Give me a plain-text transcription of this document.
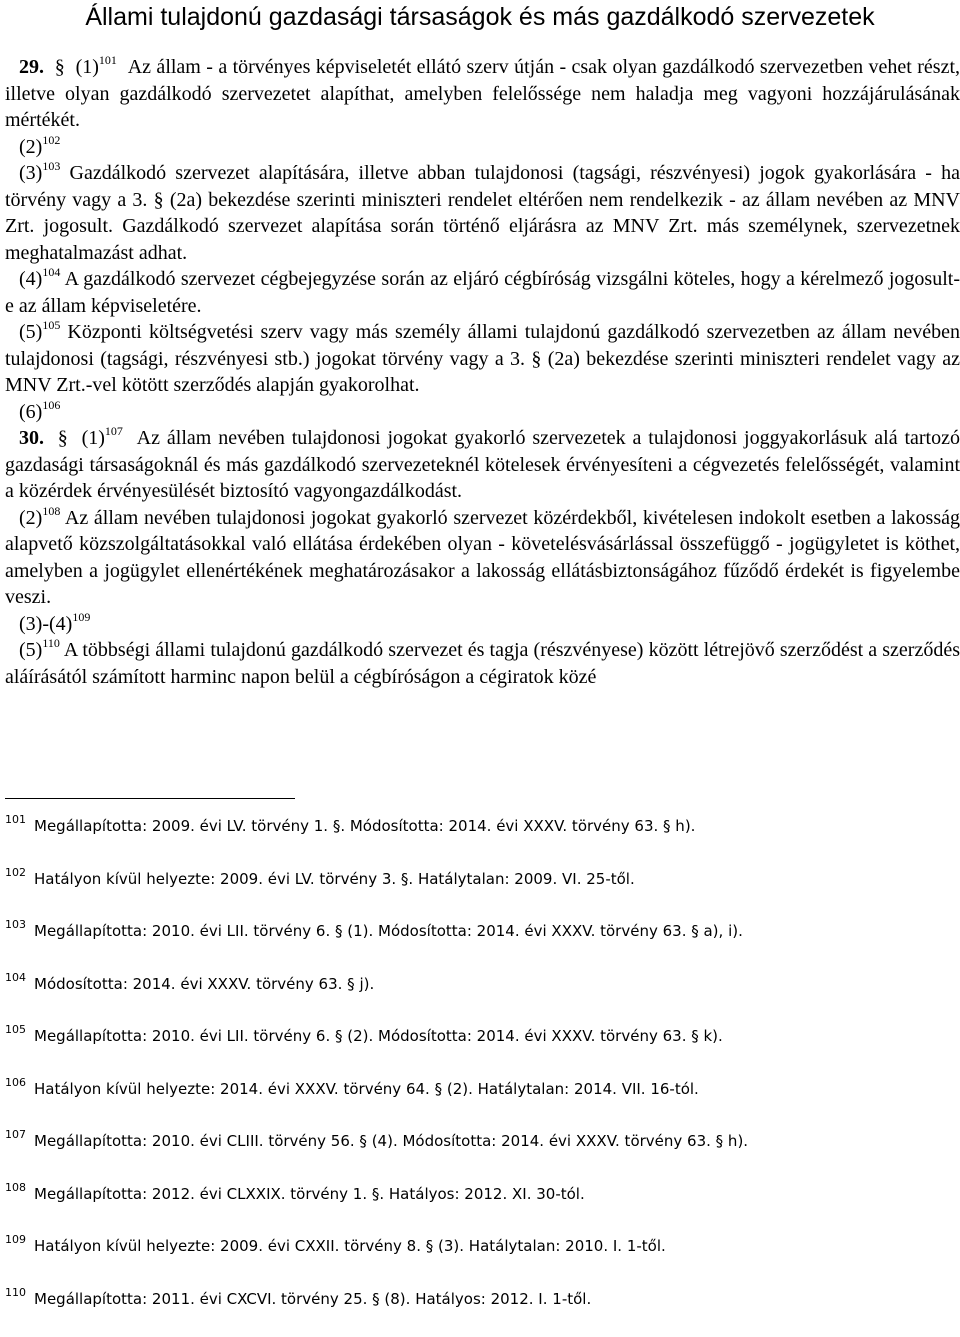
Állami tulajdonú gazdasági társaságok és más gazdálkodó szervezetek

29. § $(1)^{101}$ Az állam - a törvényes képviseletét ellátó szerv útján - csak olyan gazdálkodó szervezetben vehet részt, illetve olyan gazdálkodó szervezetet alapíthat, amelyben felelőssége nem haladja meg vagyoni hozzájárulásának mértékét.

$(2)^{102}$

$(3)^{103}$ Gazdálkodó szervezet alapítására, illetve abban tulajdonosi (tagsági, részvényesi) jogok gyakorlására - ha törvény vagy a 3. § (2a) bekezdése szerinti miniszteri rendelet eltérően nem rendelkezik - az állam nevében az MNV Zrt. jogosult. Gazdálkodó szervezet alapítása során történő eljárásra az MNV Zrt. más személynek, szervezetnek meghatalmazást adhat.

$(4)^{104}$ A gazdálkodó szervezet cégbejegyzése során az eljáró cégbíróság vizsgálni köteles, hogy a kérelmező jogosult-e az állam képviseletére.

$(5)^{105}$ Központi költségvetési szerv vagy más személy állami tulajdonú gazdálkodó szervezetben az állam nevében tulajdonosi (tagsági, részvényesi stb.) jogokat törvény vagy a 3. § (2a) bekezdése szerinti miniszteri rendelet vagy az MNV Zrt.-vel kötött szerződés alapján gyakorolhat.

$(6)^{106}$

30. § $(1)^{107}$ Az állam nevében tulajdonosi jogokat gyakorló szervezetek a tulajdonosi joggyakorlásuk alá tartozó gazdasági társaságoknál és más gazdálkodó szervezeteknél kötelesek érvényesíteni a cégvezetés felelősségét, valamint a közérdek érvényesülését biztosító vagyongazdálkodást.

$(2)^{108}$ Az állam nevében tulajdonosi jogokat gyakorló szervezet közérdekből, kivételesen indokolt esetben a lakosság alapvető közszolgáltatásokkal való ellátása érdekében olyan - követelésvásárlással összefüggő - jogügyletet is köthet, amelyben a jogügylet ellenértékének meghatározásakor a lakosság ellátásbiztonságához fűződő érdekét is figyelembe veszi.

$(3)-(4)^{109}$

$(5)^{110}$ A többségi állami tulajdonú gazdálkodó szervezet és tagja (részvényese) között létrejövő szerződést a szerződés aláírásától számított harminc napon belül a cégbíróságon a cégiratok közé

$^{101}$ Megállapította: 2009. évi LV. törvény 1. §. Módosította: 2014. évi XXXV. törvény 63. § h).
$^{102}$ Hatályon kívül helyezte: 2009. évi LV. törvény 3. §. Hatálytalan: 2009. VI. 25-től.
$^{103}$ Megállapította: 2010. évi LII. törvény 6. § (1). Módosította: 2014. évi XXXV. törvény 63. § a), i).
$^{104}$ Módosította: 2014. évi XXXV. törvény 63. § j).
$^{105}$ Megállapította: 2010. évi LII. törvény 6. § (2). Módosította: 2014. évi XXXV. törvény 63. § k).
$^{106}$ Hatályon kívül helyezte: 2014. évi XXXV. törvény 64. § (2). Hatálytalan: 2014. VII. 16-tól.
$^{107}$ Megállapította: 2010. évi CLIII. törvény 56. § (4). Módosította: 2014. évi XXXV. törvény 63. § h).
$^{108}$ Megállapította: 2012. évi CLXXIX. törvény 1. §. Hatályos: 2012. XI. 30-tól.
$^{109}$ Hatályon kívül helyezte: 2009. évi CXXII. törvény 8. § (3). Hatálytalan: 2010. I. 1-től.
$^{110}$ Megállapította: 2011. évi CXCVI. törvény 25. § (8). Hatályos: 2012. I. 1-től.
